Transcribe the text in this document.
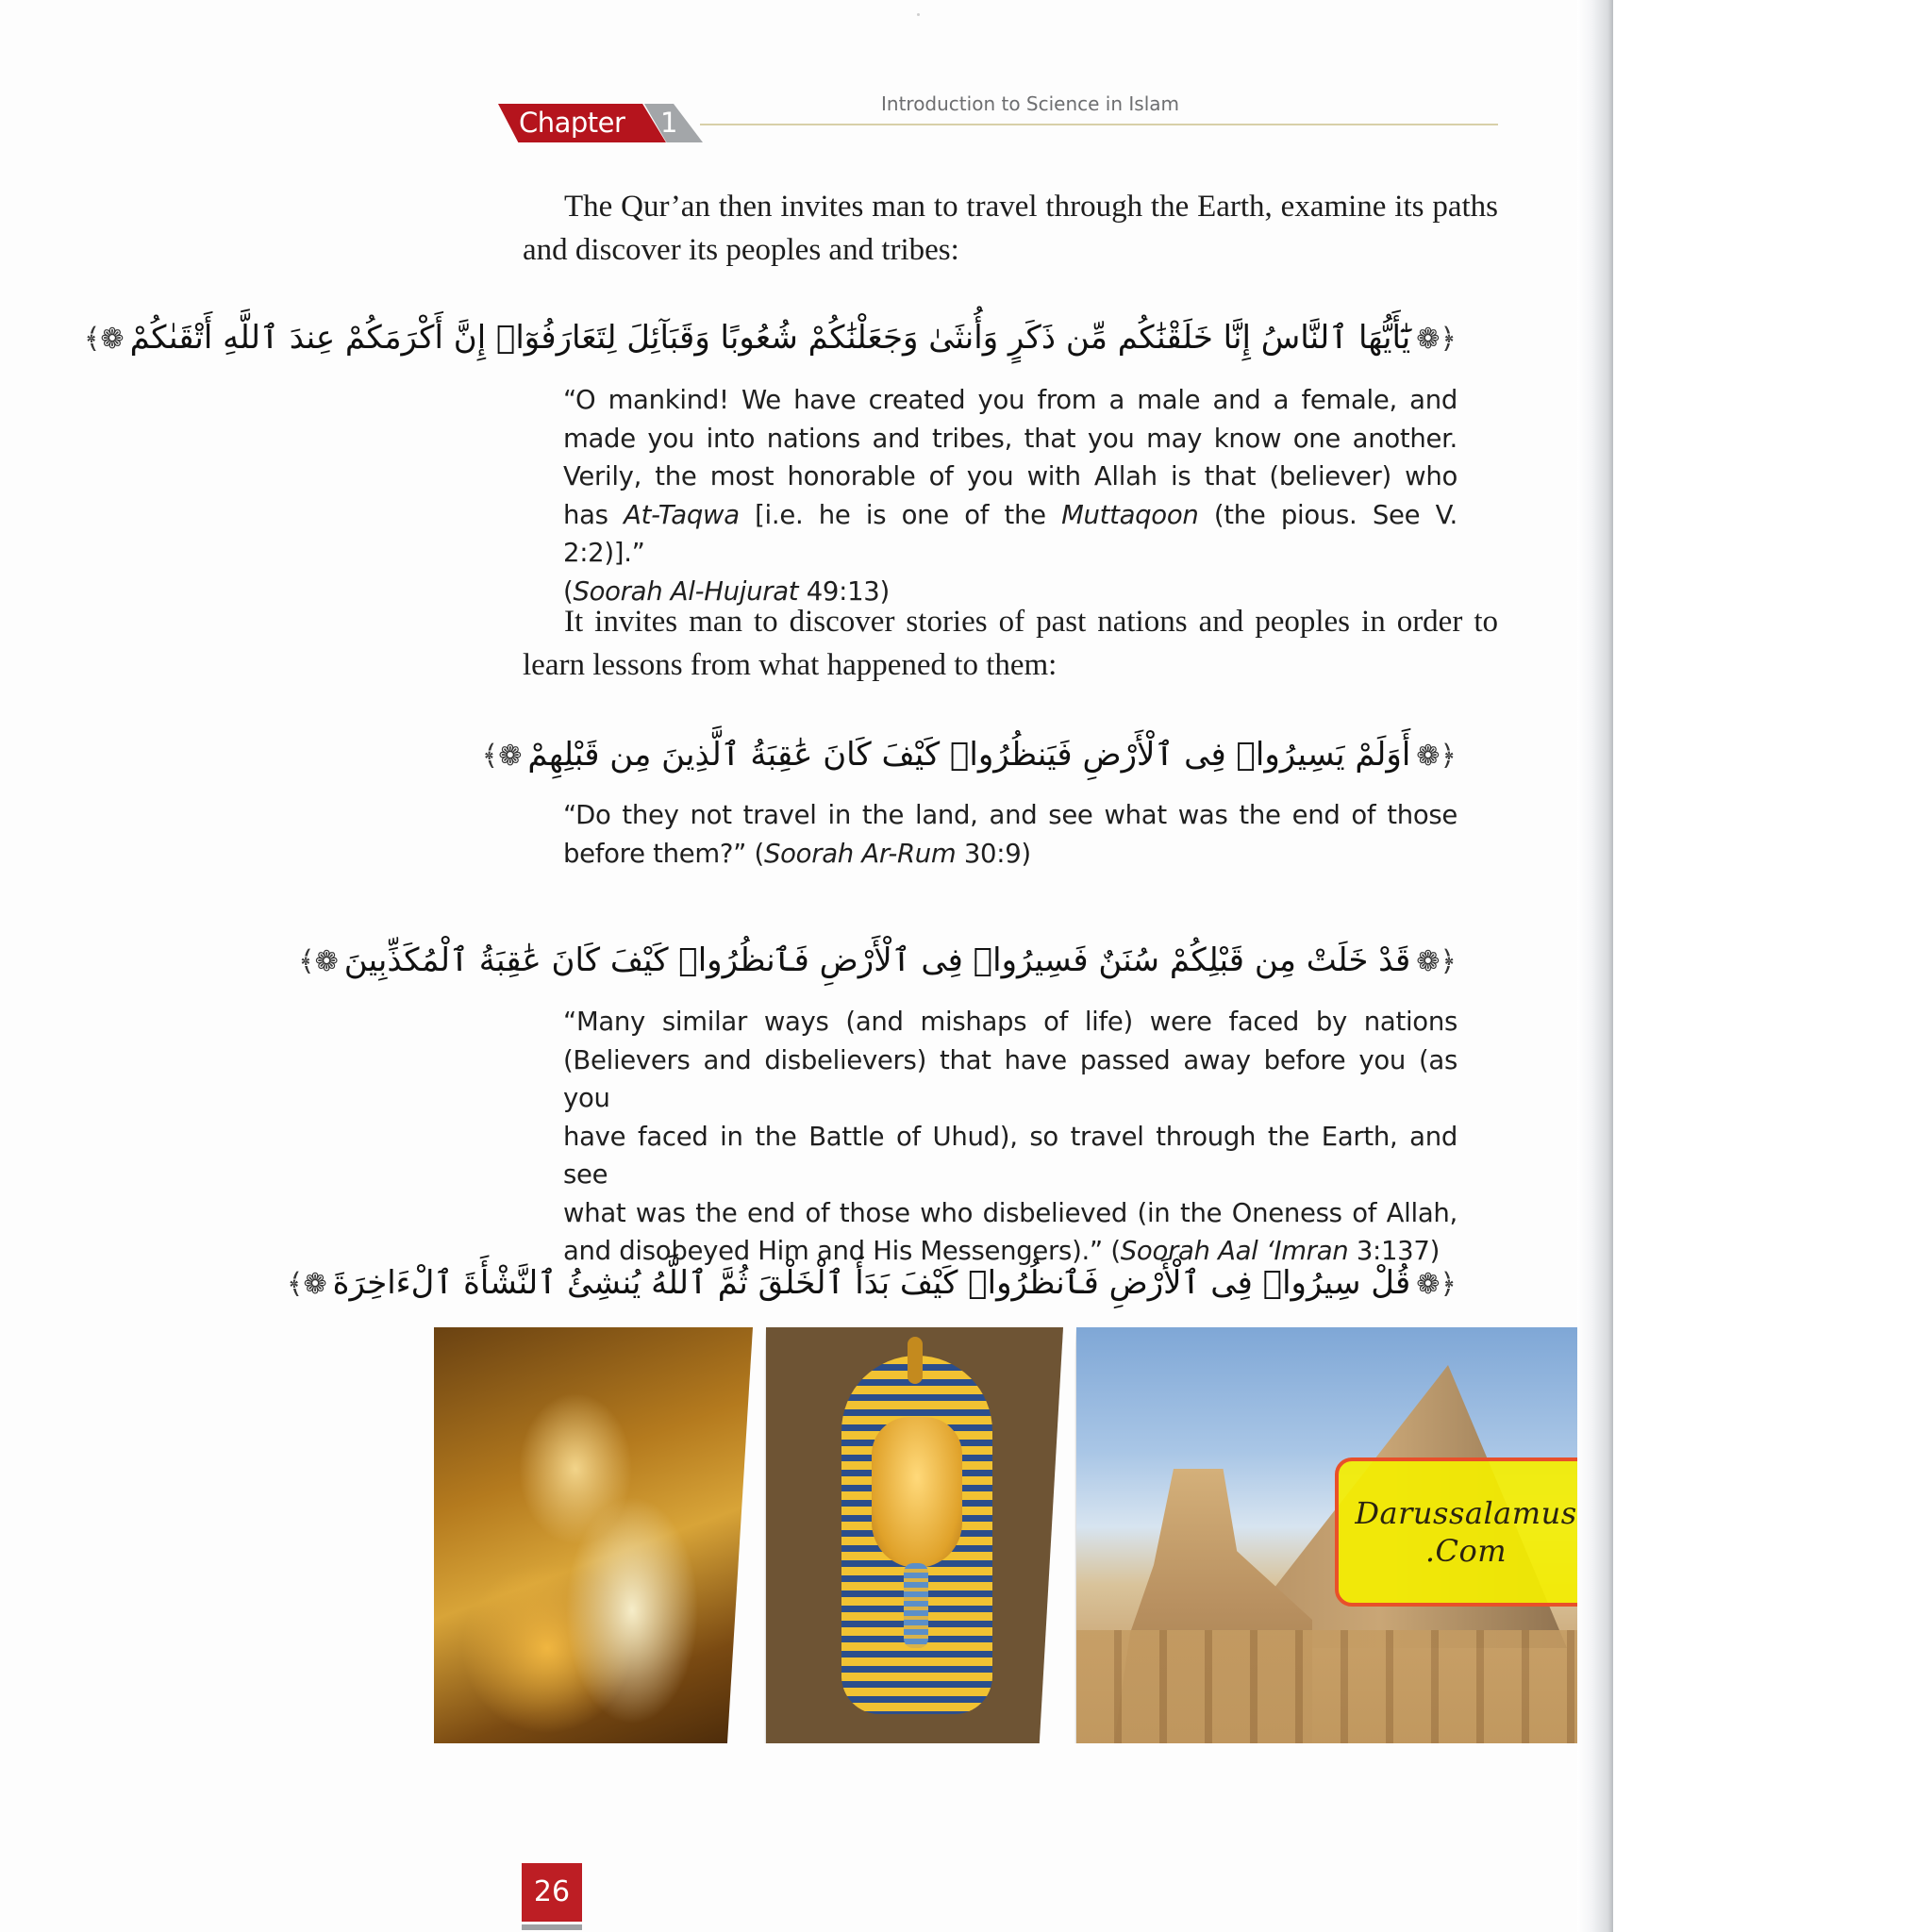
Chapter 1
Introduction to Science in Islam
The Qur’an then invites man to travel through the Earth, examine its paths and discover its peoples and tribes:
❁﴿يَٰٓأَيُّهَا ٱلنَّاسُ إِنَّا خَلَقْنَٰكُم مِّن ذَكَرٍ وَأُنثَىٰ وَجَعَلْنَٰكُمْ شُعُوبًا وَقَبَآئِلَ لِتَعَارَفُوٓا۟ إِنَّ أَكْرَمَكُمْ عِندَ ٱللَّهِ أَتْقَىٰكُمْ﴾❁
“O mankind! We have created you from a male and a female, and
made you into nations and tribes, that you may know one another.
Verily, the most honorable of you with Allah is that (believer) who
has At-Taqwa [i.e. he is one of the Muttaqoon (the pious. See V. 2:2)].”
(Soorah Al-Hujurat 49:13)
It invites man to discover stories of past nations and peoples in order to learn lessons from what happened to them:
❁﴿أَوَلَمْ يَسِيرُوا۟ فِى ٱلْأَرْضِ فَيَنظُرُوا۟ كَيْفَ كَانَ عَٰقِبَةُ ٱلَّذِينَ مِن قَبْلِهِمْ﴾❁
“Do they not travel in the land, and see what was the end of those
before them?” (Soorah Ar-Rum 30:9)
❁﴿قَدْ خَلَتْ مِن قَبْلِكُمْ سُنَنٌ فَسِيرُوا۟ فِى ٱلْأَرْضِ فَٱنظُرُوا۟ كَيْفَ كَانَ عَٰقِبَةُ ٱلْمُكَذِّبِينَ﴾❁
“Many similar ways (and mishaps of life) were faced by nations
(Believers and disbelievers) that have passed away before you (as you
have faced in the Battle of Uhud), so travel through the Earth, and see
what was the end of those who disbelieved (in the Oneness of Allah,
and disobeyed Him and His Messengers).” (Soorah Aal ‘Imran 3:137)
❁﴿قُلْ سِيرُوا۟ فِى ٱلْأَرْضِ فَٱنظُرُوا۟ كَيْفَ بَدَأَ ٱلْخَلْقَ ثُمَّ ٱللَّهُ يُنشِئُ ٱلنَّشْأَةَ ٱلْءَاخِرَةَ﴾❁
Darussalamus
.Com
26
